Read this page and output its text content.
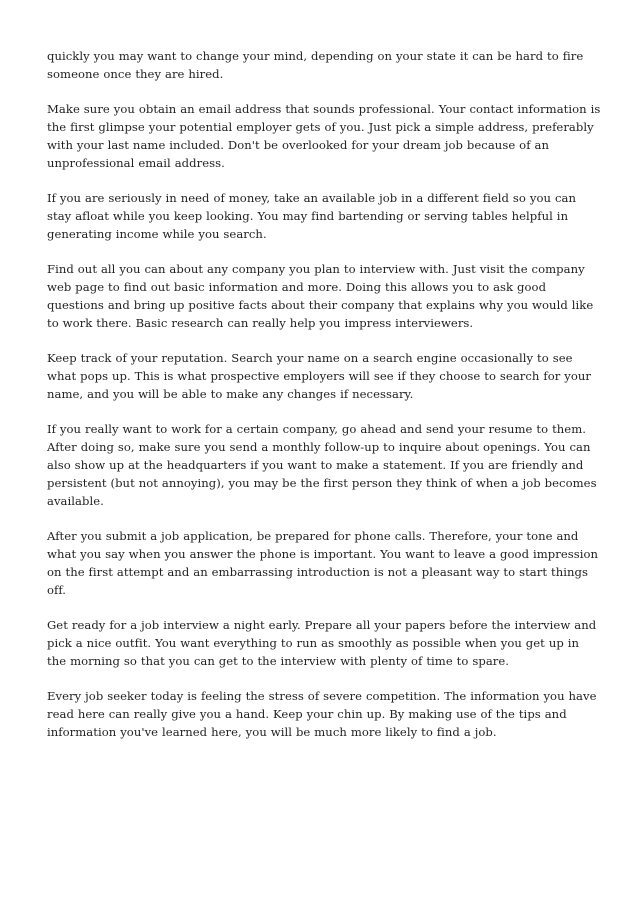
quickly you may want to change your mind, depending on your state it can be hard to fire someone once they are hired.

Make sure you obtain an email address that sounds professional. Your contact information is the first glimpse your potential employer gets of you. Just pick a simple address, preferably with your last name included. Don't be overlooked for your dream job because of an unprofessional email address.

If you are seriously in need of money, take an available job in a different field so you can stay afloat while you keep looking. You may find bartending or serving tables helpful in generating income while you search.

Find out all you can about any company you plan to interview with. Just visit the company web page to find out basic information and more. Doing this allows you to ask good questions and bring up positive facts about their company that explains why you would like to work there. Basic research can really help you impress interviewers.

Keep track of your reputation. Search your name on a search engine occasionally to see what pops up. This is what prospective employers will see if they choose to search for your name, and you will be able to make any changes if necessary.

If you really want to work for a certain company, go ahead and send your resume to them. After doing so, make sure you send a monthly follow-up to inquire about openings. You can also show up at the headquarters if you want to make a statement. If you are friendly and persistent (but not annoying), you may be the first person they think of when a job becomes available.

After you submit a job application, be prepared for phone calls. Therefore, your tone and what you say when you answer the phone is important. You want to leave a good impression on the first attempt and an embarrassing introduction is not a pleasant way to start things off.

Get ready for a job interview a night early. Prepare all your papers before the interview and pick a nice outfit. You want everything to run as smoothly as possible when you get up in the morning so that you can get to the interview with plenty of time to spare.

Every job seeker today is feeling the stress of severe competition. The information you have read here can really give you a hand. Keep your chin up. By making use of the tips and information you've learned here, you will be much more likely to find a job.
